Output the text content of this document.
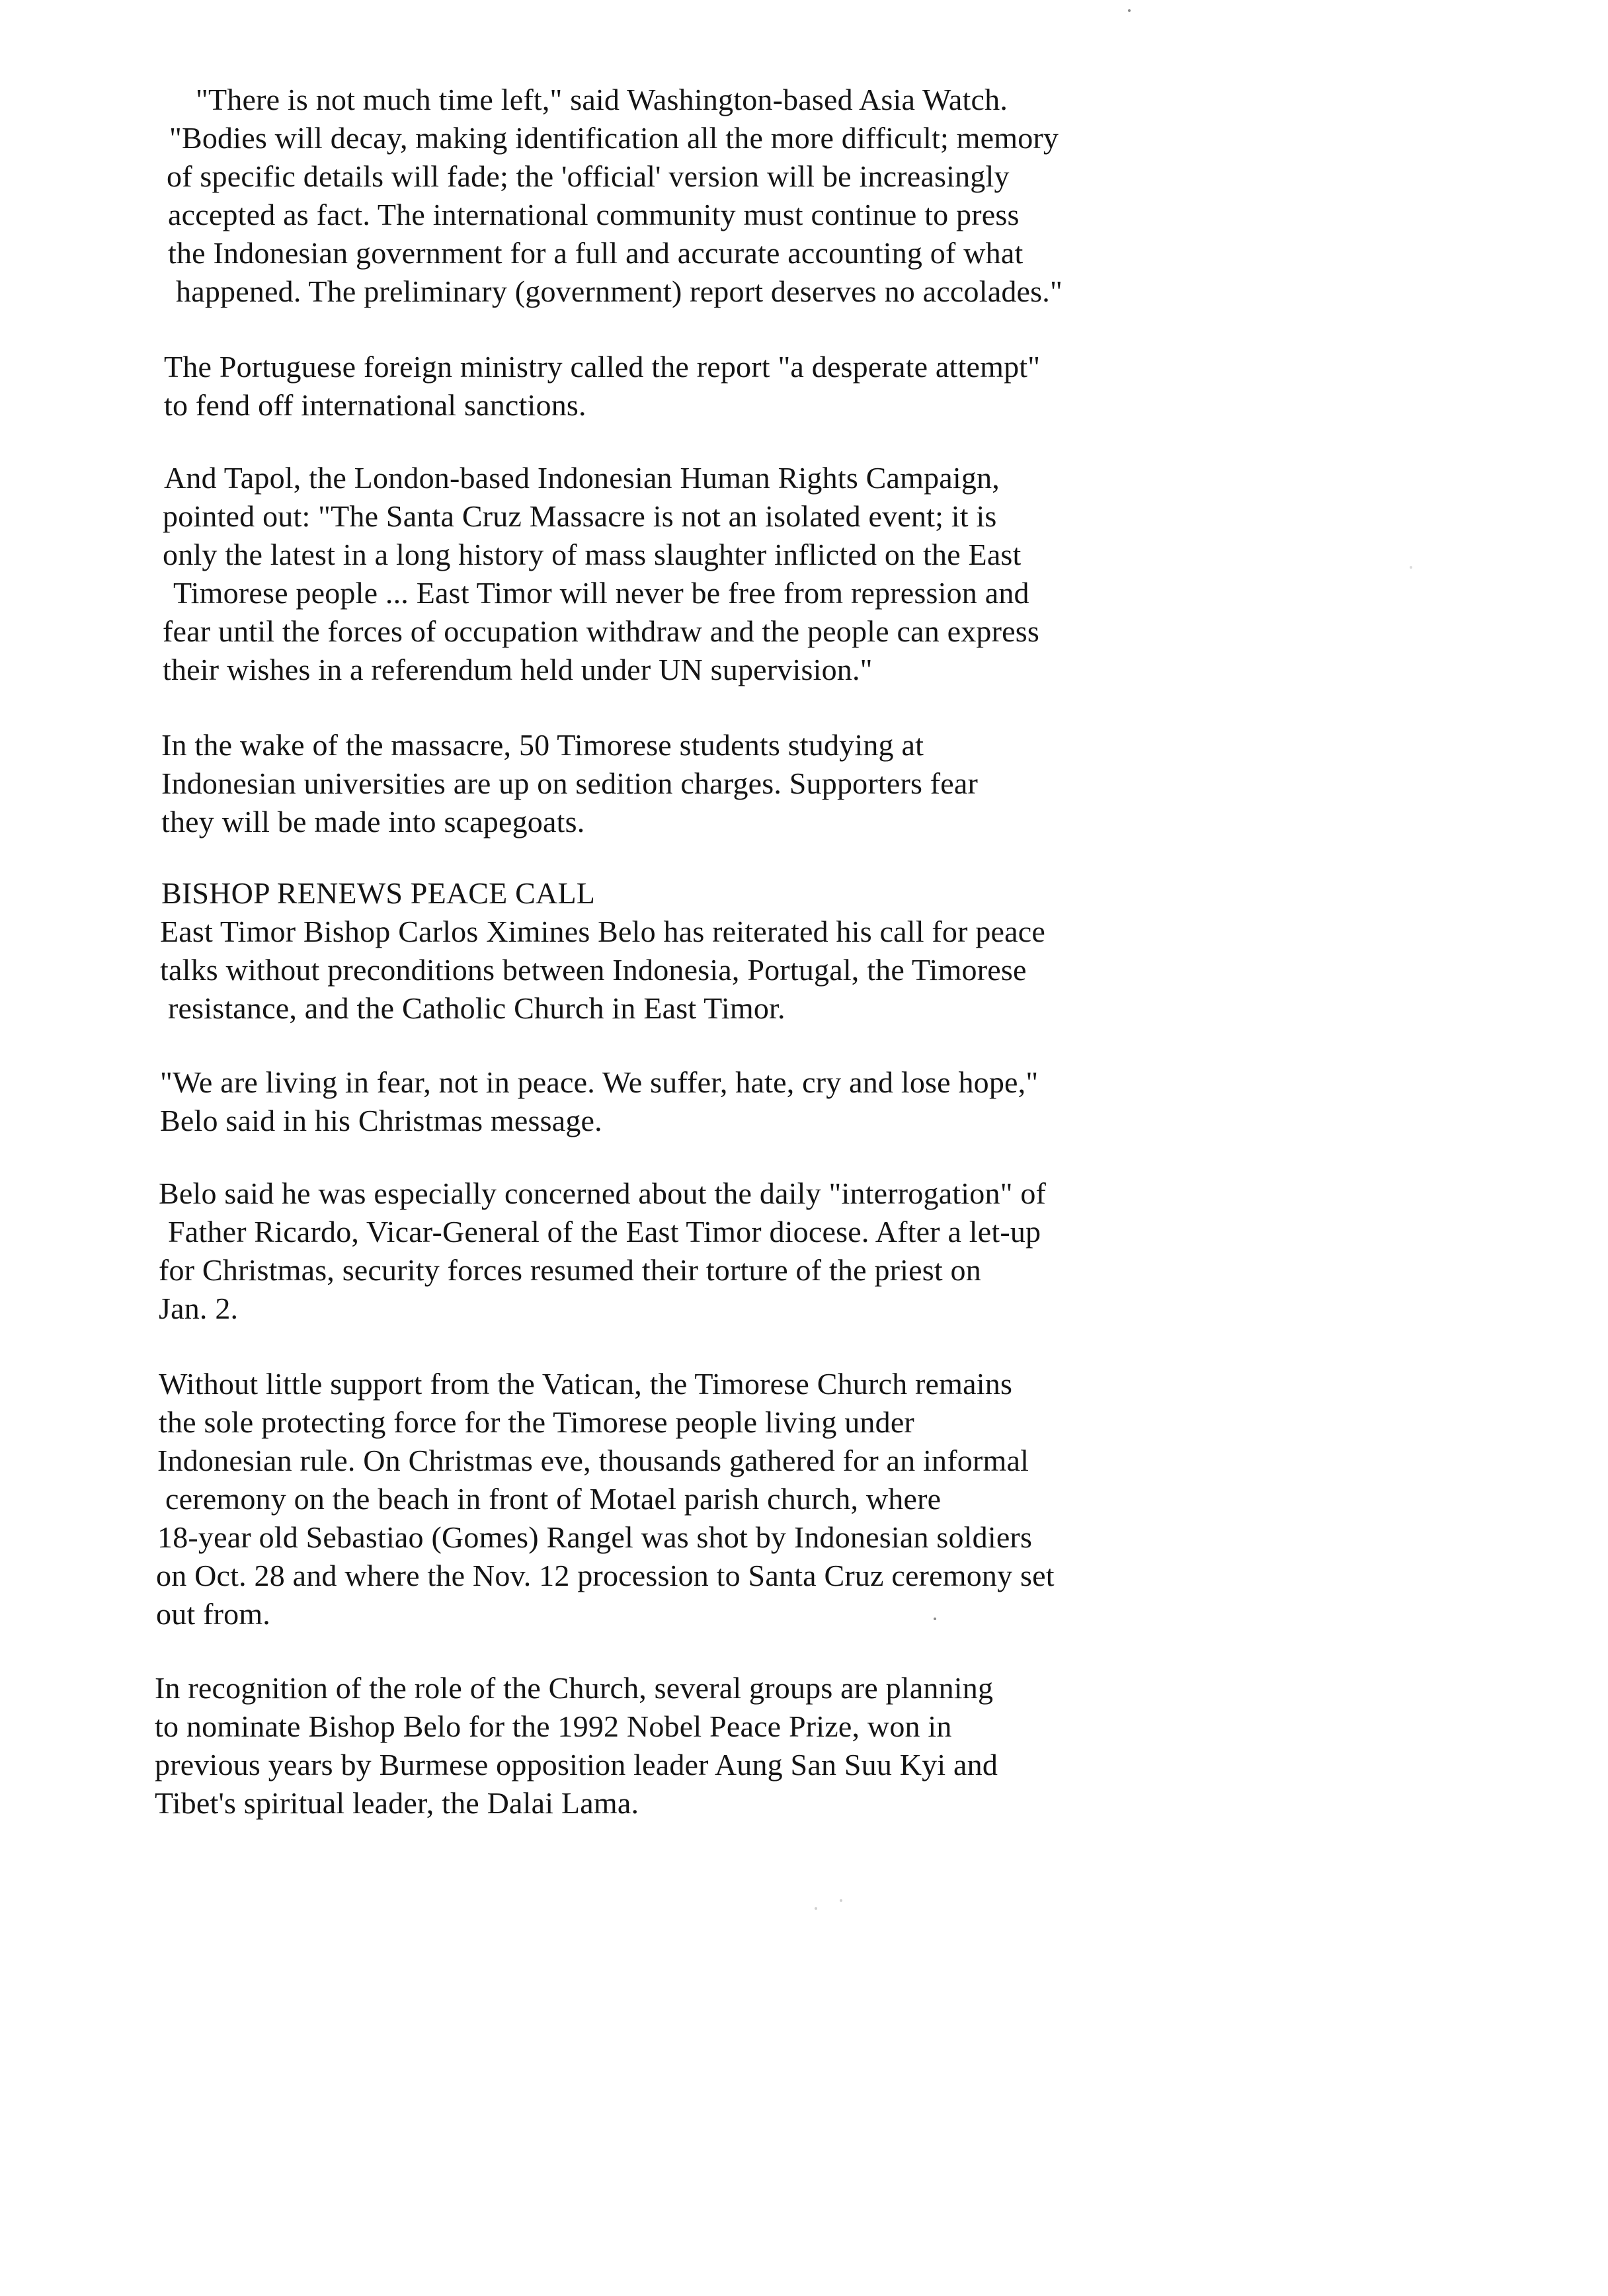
"There is not much time left," said Washington-based Asia Watch.

"Bodies will decay, making identification all the more difficult; memory

of specific details will fade; the 'official' version will be increasingly

accepted as fact. The international community must continue to press

the Indonesian government for a full and accurate accounting of what

happened. The preliminary (government) report deserves no accolades."

The Portuguese foreign ministry called the report "a desperate attempt"

to fend off international sanctions.

And Tapol, the London-based Indonesian Human Rights Campaign,

pointed out: "The Santa Cruz Massacre is not an isolated event; it is

only the latest in a long history of mass slaughter inflicted on the East

Timorese people ... East Timor will never be free from repression and

fear until the forces of occupation withdraw and the people can express

their wishes in a referendum held under UN supervision."

In the wake of the massacre, 50 Timorese students studying at

Indonesian universities are up on sedition charges. Supporters fear

they will be made into scapegoats.

BISHOP RENEWS PEACE CALL

East Timor Bishop Carlos Ximines Belo has reiterated his call for peace

talks without preconditions between Indonesia, Portugal, the Timorese

resistance, and the Catholic Church in East Timor.

"We are living in fear, not in peace. We suffer, hate, cry and lose hope,"

Belo said in his Christmas message.

Belo said he was especially concerned about the daily "interrogation" of

Father Ricardo, Vicar-General of the East Timor diocese. After a let-up

for Christmas, security forces resumed their torture of the priest on

Jan. 2.

Without little support from the Vatican, the Timorese Church remains

the sole protecting force for the Timorese people living under

Indonesian rule. On Christmas eve, thousands gathered for an informal

ceremony on the beach in front of Motael parish church, where

18-year old Sebastiao (Gomes) Rangel was shot by Indonesian soldiers

on Oct. 28 and where the Nov. 12 procession to Santa Cruz ceremony set

out from.

In recognition of the role of the Church, several groups are planning

to nominate Bishop Belo for the 1992 Nobel Peace Prize, won in

previous years by Burmese opposition leader Aung San Suu Kyi and

Tibet's spiritual leader, the Dalai Lama.
